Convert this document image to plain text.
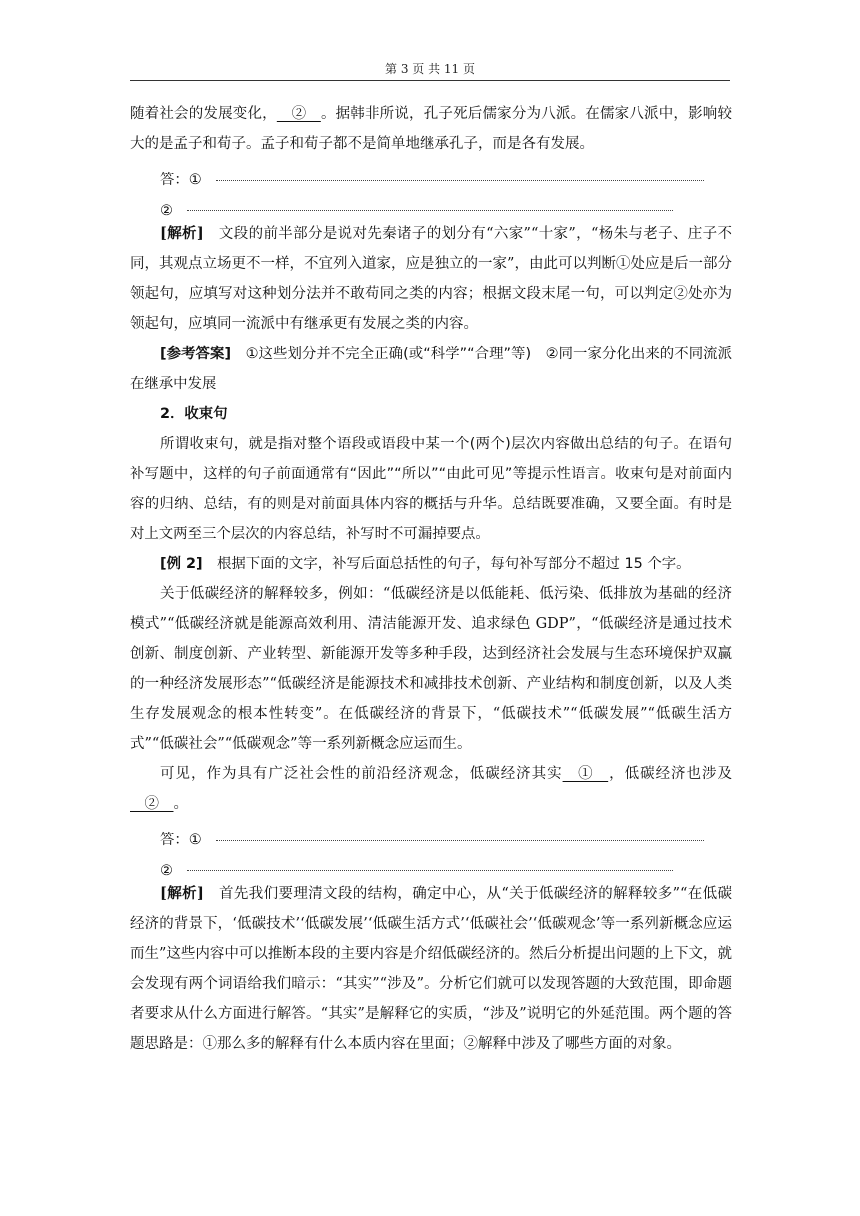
第 3 页 共 11 页

随着社会的发展变化，__②__。据韩非所说，孔子死后儒家分为八派。在儒家八派中，影响较大的是孟子和荀子。孟子和荀子都不是简单地继承孔子，而是各有发展。

答：①
②

[解析]　文段的前半部分是说对先秦诸子的划分有“六家”“十家”，“杨朱与老子、庄子不同，其观点立场更不一样，不宜列入道家，应是独立的一家”，由此可以判断①处应是后一部分领起句，应填写对这种划分法并不敢苟同之类的内容；根据文段末尾一句，可以判定②处亦为领起句，应填同一流派中有继承更有发展之类的内容。

[参考答案]　①这些划分并不完全正确(或“科学”“合理”等)　②同一家分化出来的不同流派在继承中发展

2．收束句

所谓收束句，就是指对整个语段或语段中某一个(两个)层次内容做出总结的句子。在语句补写题中，这样的句子前面通常有“因此”“所以”“由此可见”等提示性语言。收束句是对前面内容的归纳、总结，有的则是对前面具体内容的概括与升华。总结既要准确，又要全面。有时是对上文两至三个层次的内容总结，补写时不可漏掉要点。

[例 2]　根据下面的文字，补写后面总括性的句子，每句补写部分不超过 15 个字。

关于低碳经济的解释较多，例如：“低碳经济是以低能耗、低污染、低排放为基础的经济模式”“低碳经济就是能源高效利用、清洁能源开发、追求绿色 GDP”，“低碳经济是通过技术创新、制度创新、产业转型、新能源开发等多种手段，达到经济社会发展与生态环境保护双赢的一种经济发展形态”“低碳经济是能源技术和减排技术创新、产业结构和制度创新，以及人类生存发展观念的根本性转变”。在低碳经济的背景下，“低碳技术”“低碳发展”“低碳生活方式”“低碳社会”“低碳观念”等一系列新概念应运而生。

可见，作为具有广泛社会性的前沿经济观念，低碳经济其实__①__，低碳经济也涉及__②__。

答：①
②

[解析]　首先我们要理清文段的结构，确定中心，从“关于低碳经济的解释较多”“在低碳经济的背景下，‘低碳技术’‘低碳发展’‘低碳生活方式’‘低碳社会’‘低碳观念’等一系列新概念应运而生”这些内容中可以推断本段的主要内容是介绍低碳经济的。然后分析提出问题的上下文，就会发现有两个词语给我们暗示：“其实”“涉及”。分析它们就可以发现答题的大致范围，即命题者要求从什么方面进行解答。“其实”是解释它的实质，“涉及”说明它的外延范围。两个题的答题思路是：①那么多的解释有什么本质内容在里面；②解释中涉及了哪些方面的对象。
